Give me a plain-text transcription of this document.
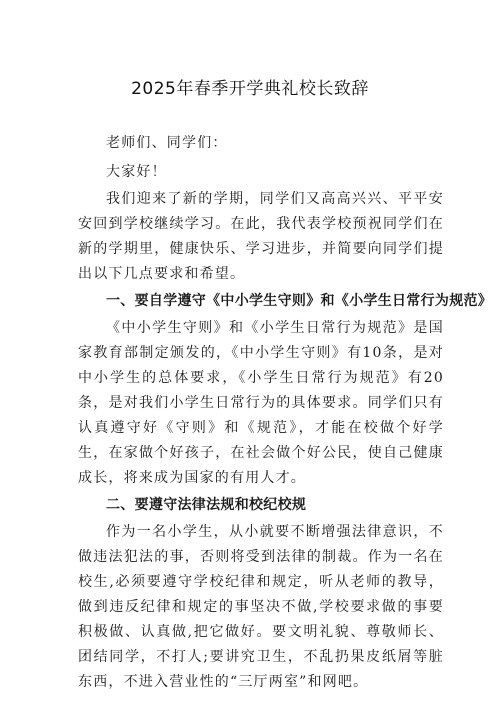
2025年春季开学典礼校长致辞

老师们、同学们：

大家好！

我们迎来了新的学期，同学们又高高兴兴、平平安安回到学校继续学习。在此，我代表学校预祝同学们在新的学期里，健康快乐、学习进步，并简要向同学们提出以下几点要求和希望。

一、要自学遵守《中小学生守则》和《小学生日常行为规范》

《中小学生守则》和《小学生日常行为规范》是国家教育部制定颁发的，《中小学生守则》有10条，是对中小学生的总体要求，《小学生日常行为规范》有20条，是对我们小学生日常行为的具体要求。同学们只有认真遵守好《守则》和《规范》，才能在校做个好学生，在家做个好孩子，在社会做个好公民，使自己健康成长，将来成为国家的有用人才。

二、要遵守法律法规和校纪校规

作为一名小学生，从小就要不断增强法律意识，不做违法犯法的事，否则将受到法律的制裁。作为一名在校生,必须要遵守学校纪律和规定，听从老师的教导，做到违反纪律和规定的事坚决不做,学校要求做的事要积极做、认真做,把它做好。要文明礼貌、尊敬师长、团结同学，不打人;要讲究卫生，不乱扔果皮纸屑等脏东西，不进入营业性的“三厅两室”和网吧。
